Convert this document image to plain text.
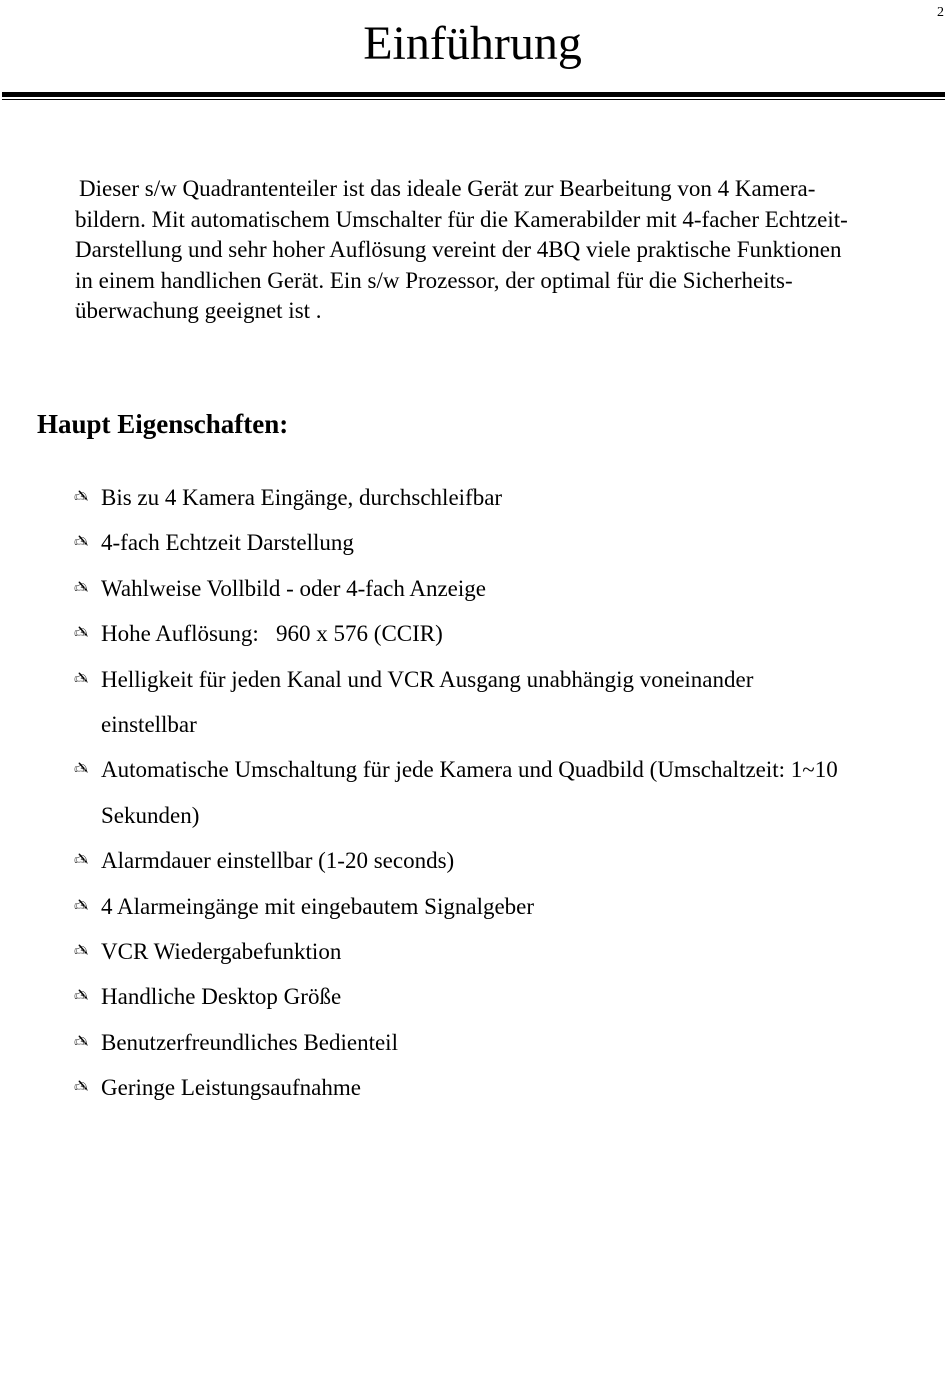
2
Einführung

Dieser s/w Quadrantenteiler ist das ideale Gerät zur Bearbeitung von 4 Kamera-
bildern. Mit automatischem Umschalter für die Kamerabilder mit 4-facher Echtzeit-
Darstellung und sehr hoher Auflösung vereint der 4BQ viele praktische Funktionen
in einem handlichen Gerät. Ein s/w Prozessor, der optimal für die Sicherheits-
überwachung geeignet ist .

Haupt Eigenschaften:
✍ Bis zu 4 Kamera Eingänge, durchschleifbar
✍ 4-fach Echtzeit Darstellung
✍ Wahlweise Vollbild - oder 4-fach Anzeige
✍ Hohe Auflösung:   960 x 576 (CCIR)
✍ Helligkeit für jeden Kanal und VCR Ausgang unabhängig voneinander
einstellbar
✍ Automatische Umschaltung für jede Kamera und Quadbild (Umschaltzeit: 1~10
Sekunden)
✍ Alarmdauer einstellbar (1-20 seconds)
✍ 4 Alarmeingänge mit eingebautem Signalgeber
✍ VCR Wiedergabefunktion
✍ Handliche Desktop Größe
✍ Benutzerfreundliches Bedienteil
✍ Geringe Leistungsaufnahme
